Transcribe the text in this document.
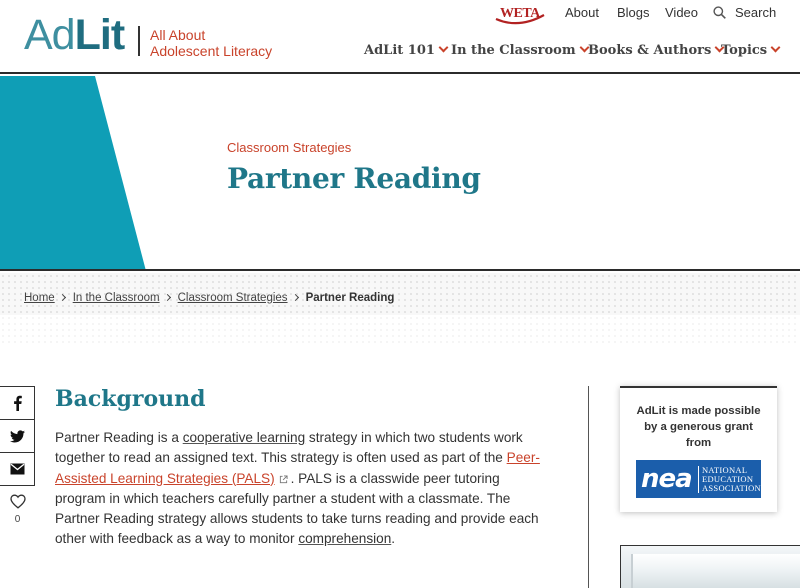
AdLit All About
Adolescent Literacy
WETA About Blogs Video	Search
AdLit 101	In the Classroom Books & Authors Topics
Classroom Strategies
Partner Reading
Home In the Classroom Classroom Strategies Partner Reading
0
Background

Partner Reading is a cooperative learning strategy in which two students work together to read an assigned text. This strategy is often used as part of the Peer-Assisted Learning Strategies (PALS) . PALS is a classwide peer tutoring program in which teachers carefully partner a student with a classmate. The Partner Reading strategy allows students to take turns reading and provide each other with feedback as a way to monitor comprehension.

AdLit is made possible by a generous grant from
nea	NATIONAL
EDUCATION
ASSOCIATION
